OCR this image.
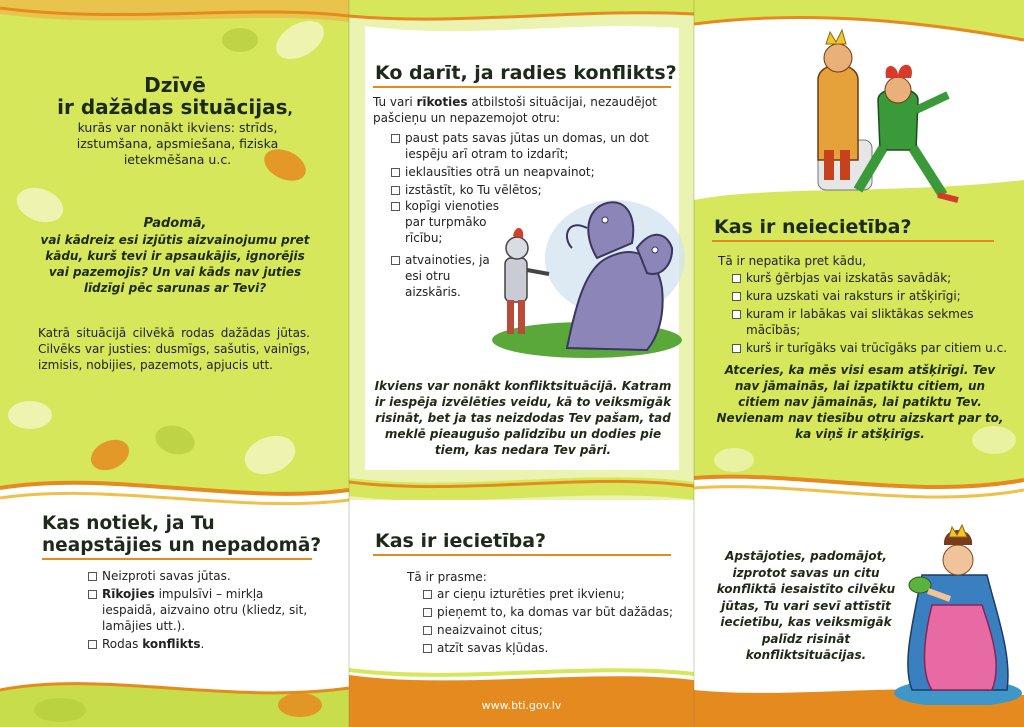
Dzīvē
ir dažādas situācijas,
kurās var nonākt ikviens: strīds, izstumšana, apsmiešana, fiziska ietekmēšana u.c.
Padomā,
vai kādreiz esi izjūtis aizvainojumu pret kādu, kurš tevi ir apsaukājis, ignorējis vai pazemojis? Un vai kāds nav juties līdzīgi pēc sarunas ar Tevi?
Katrā situācijā cilvēkā rodas dažādas jūtas. Cilvēks var justies: dusmīgs, sašutis, vainīgs, izmisis, nobijies, pazemots, apjucis utt.
Kas notiek, ja Tu
neapstājies un nepadomā?
Neizproti savas jūtas.
Rīkojies impulsīvi – mirkļa iespaidā, aizvaino otru (kliedz, sit, lamājies utt.).
Rodas konflikts.
Ko darīt, ja radies konflikts?
Tu vari rīkoties atbilstoši situācijai, nezaudējot pašcieņu un nepazemojot otru:
paust pats savas jūtas un domas, un dot iespēju arī otram to izdarīt;
ieklausīties otrā un neapvainot;
izstāstīt, ko Tu vēlētos;
kopīgi vienoties par turpmāko rīcību;
atvainoties, ja esi otru aizskāris.
Ikviens var nonākt konfliktsituācijā. Katram ir iespēja izvēlēties veidu, kā to veiksmīgāk risināt, bet ja tas neizdodas Tev pašam, tad meklē pieaugušo palīdzību un dodies pie tiem, kas nedara Tev pāri.
Kas ir iecietība?
Tā ir prasme:
ar cieņu izturēties pret ikvienu;
pieņemt to, ka domas var būt dažādas;
neaizvainot citus;
atzīt savas kļūdas.
www.bti.gov.lv
Kas ir neiecietība?
Tā ir nepatika pret kādu,
kurš ģērbjas vai izskatās savādāk;
kura uzskati vai raksturs ir atšķirīgi;
kuram ir labākas vai sliktākas sekmes mācībās;
kurš ir turīgāks vai trūcīgāks par citiem u.c.
Atceries, ka mēs visi esam atšķirīgi. Tev nav jāmainās, lai izpatiktu citiem, un citiem nav jāmainās, lai patiktu Tev. Nevienam nav tiesību otru aizskart par to, ka viņš ir atšķirīgs.
Apstājoties, padomājot, izprotot savas un citu konfliktā iesaistīto cilvēku jūtas, Tu vari sevī attīstīt iecietību, kas veiksmīgāk palīdz risināt konfliktsituācijas.
